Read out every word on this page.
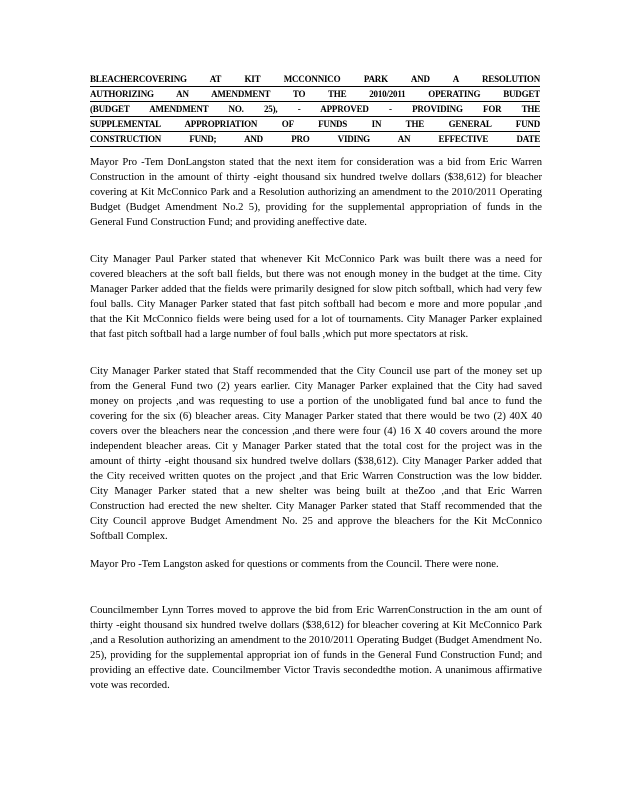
BLEACHERCOVERING AT KIT MCCONNICO PARK AND A RESOLUTION
AUTHORIZING AN AMENDMENT TO THE 2010/2011 OPERATING BUDGET
(BUDGET AMENDMENT NO. 25), - APPROVED - PROVIDING FOR THE
SUPPLEMENTAL APPROPRIATION OF FUNDS IN THE GENERAL FUND
CONSTRUCTION FUND; AND PRO VIDING AN EFFECTIVE DATE

Mayor Pro -Tem DonLangston stated that the next item for consideration was a bid from Eric Warren Construction in the amount of thirty -eight thousand six hundred twelve dollars ($38,612) for bleacher covering at Kit McConnico Park and a Resolution authorizing an amendment to the 2010/2011 Operating Budget (Budget Amendment No.2 5), providing for the supplemental appropriation of funds in the General Fund Construction Fund; and providing aneffective date.

City Manager Paul Parker stated that whenever Kit McConnico Park was built there was a need for covered bleachers at the soft ball fields, but there was not enough money in the budget at the time. City Manager Parker added that the fields were primarily designed for slow pitch softball, which had very few foul balls. City Manager Parker stated that fast pitch softball had becom e more and more popular ,and that the Kit McConnico fields were being used for a lot of tournaments. City Manager Parker explained that fast pitch softball had a large number of foul balls ,which put more spectators at risk.

City Manager Parker stated that Staff recommended that the City Council use part of the money set up from the General Fund two (2) years earlier. City Manager Parker explained that the City had saved money on projects ,and was requesting to use a portion of the unobligated fund bal ance to fund the covering for the six (6) bleacher areas. City Manager Parker stated that there would be two (2) 40X 40 covers over the bleachers near the concession ,and there were four (4) 16 X 40 covers around the more independent bleacher areas. Cit y Manager Parker stated that the total cost for the project was in the amount of thirty -eight thousand six hundred twelve dollars ($38,612). City Manager Parker added that the City received written quotes on the project ,and that Eric Warren Construction was the low bidder. City Manager Parker stated that a new shelter was being built at theZoo ,and that Eric Warren Construction had erected the new shelter. City Manager Parker stated that Staff recommended that the City Council approve Budget Amendment No. 25 and approve the bleachers for the Kit McConnico Softball Complex.

Mayor Pro -Tem Langston asked for questions or comments from the Council. There were none.

Councilmember Lynn Torres moved to approve the bid from Eric WarrenConstruction in the am ount of thirty -eight thousand six hundred twelve dollars ($38,612) for bleacher covering at Kit McConnico Park ,and a Resolution authorizing an amendment to the 2010/2011 Operating Budget (Budget Amendment No. 25), providing for the supplemental appropriat ion of funds in the General Fund Construction Fund; and providing an effective date. Councilmember Victor Travis secondedthe motion. A unanimous affirmative vote was recorded.
